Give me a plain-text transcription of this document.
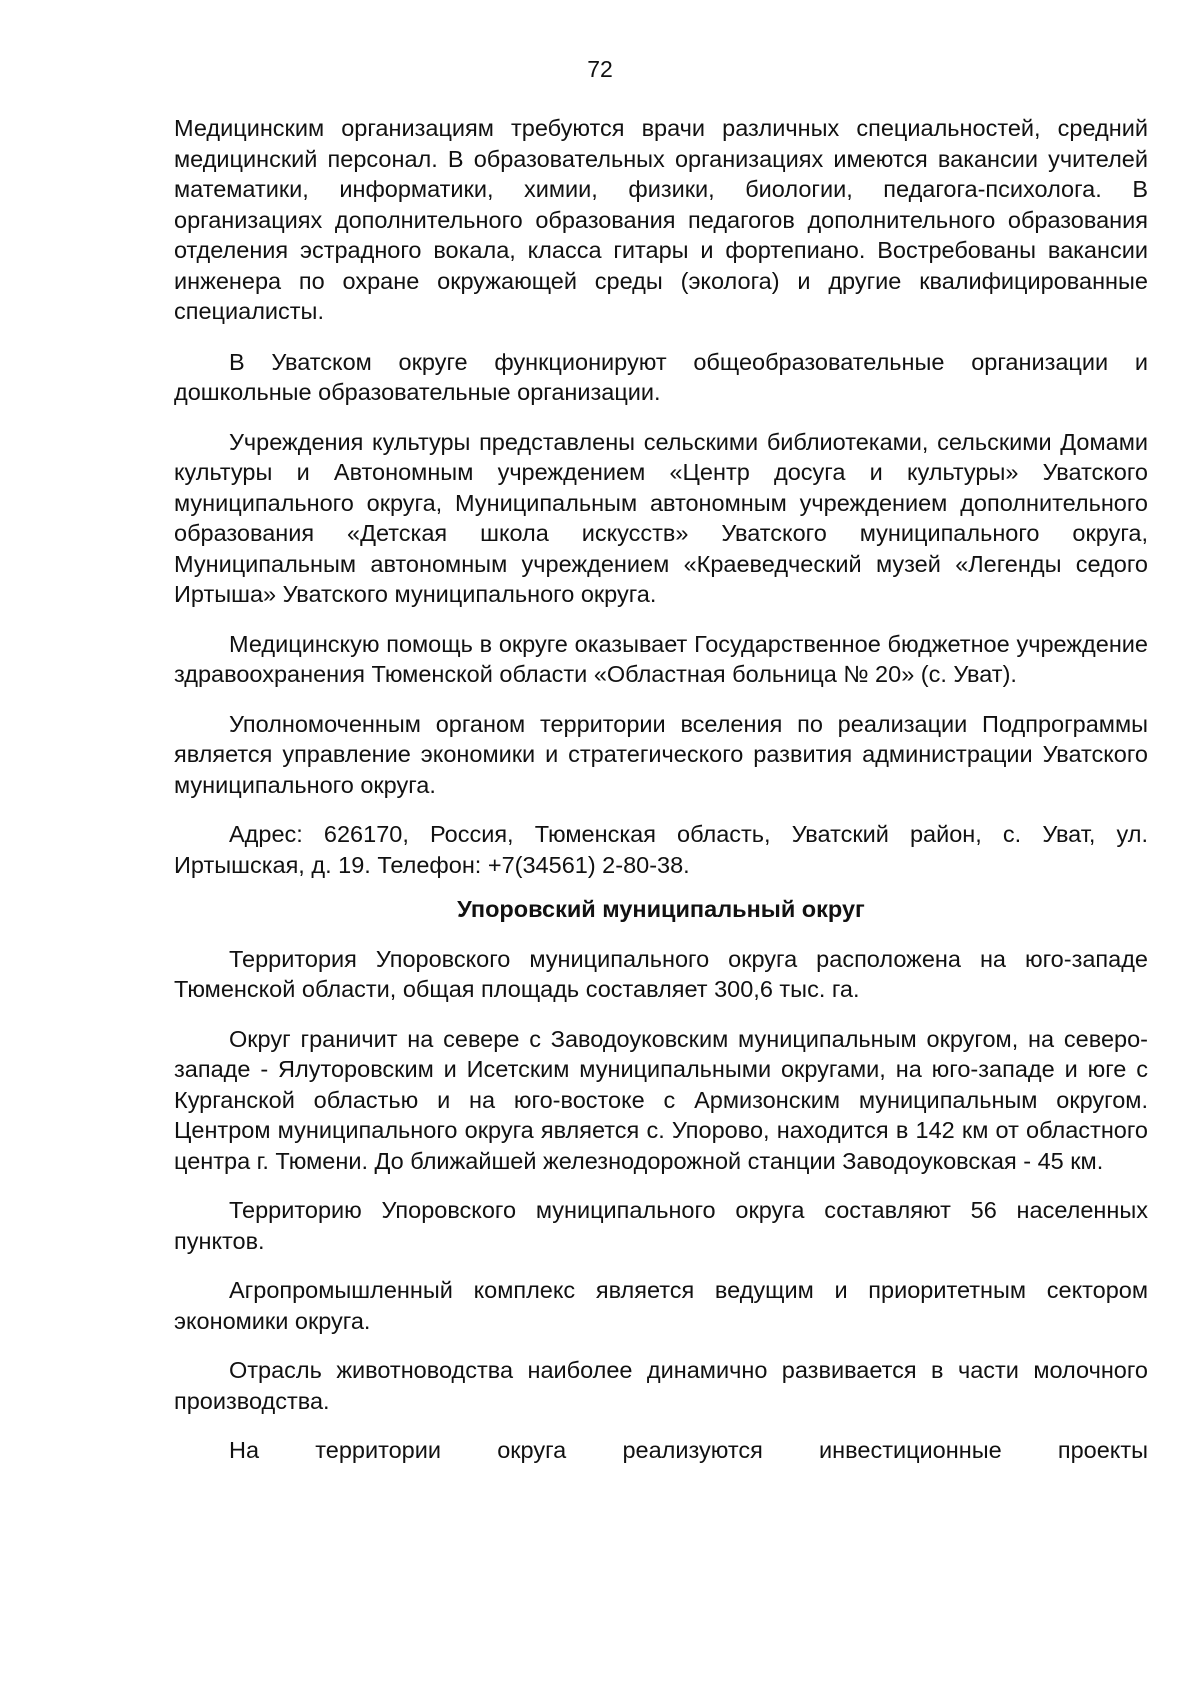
72

Медицинским организациям требуются врачи различных специальностей, средний медицинский персонал. В образовательных организациях имеются вакансии учителей математики, информатики, химии, физики, биологии, педагога-психолога. В организациях дополнительного образования педагогов дополнительного образования отделения эстрадного вокала, класса гитары и фортепиано. Востребованы вакансии инженера по охране окружающей среды (эколога) и другие квалифицированные специалисты.

В Уватском округе функционируют общеобразовательные организации и дошкольные образовательные организации.

Учреждения культуры представлены сельскими библиотеками, сельскими Домами культуры и Автономным учреждением «Центр досуга и культуры» Уватского муниципального округа, Муниципальным автономным учреждением дополнительного образования «Детская школа искусств» Уватского муниципального округа, Муниципальным автономным учреждением «Краеведческий музей «Легенды седого Иртыша» Уватского муниципального округа.

Медицинскую помощь в округе оказывает Государственное бюджетное учреждение здравоохранения Тюменской области «Областная больница № 20» (с. Уват).

Уполномоченным органом территории вселения по реализации Подпрограммы является управление экономики и стратегического развития администрации Уватского муниципального округа.

Адрес: 626170, Россия, Тюменская область, Уватский район, с. Уват, ул. Иртышская, д. 19. Телефон: +7(34561) 2-80-38.

Упоровский муниципальный округ

Территория Упоровского муниципального округа расположена на юго-западе Тюменской области, общая площадь составляет 300,6 тыс. га.

Округ граничит на севере с Заводоуковским муниципальным округом, на северо-западе - Ялуторовским и Исетским муниципальными округами, на юго-западе и юге с Курганской областью и на юго-востоке с Армизонским муниципальным округом. Центром муниципального округа является с. Упорово, находится в 142 км от областного центра г. Тюмени. До ближайшей железнодорожной станции Заводоуковская - 45 км.

Территорию Упоровского муниципального округа составляют 56 населенных пунктов.

Агропромышленный комплекс является ведущим и приоритетным сектором экономики округа.

Отрасль животноводства наиболее динамично развивается в части молочного производства.

На территории округа реализуются инвестиционные проекты
